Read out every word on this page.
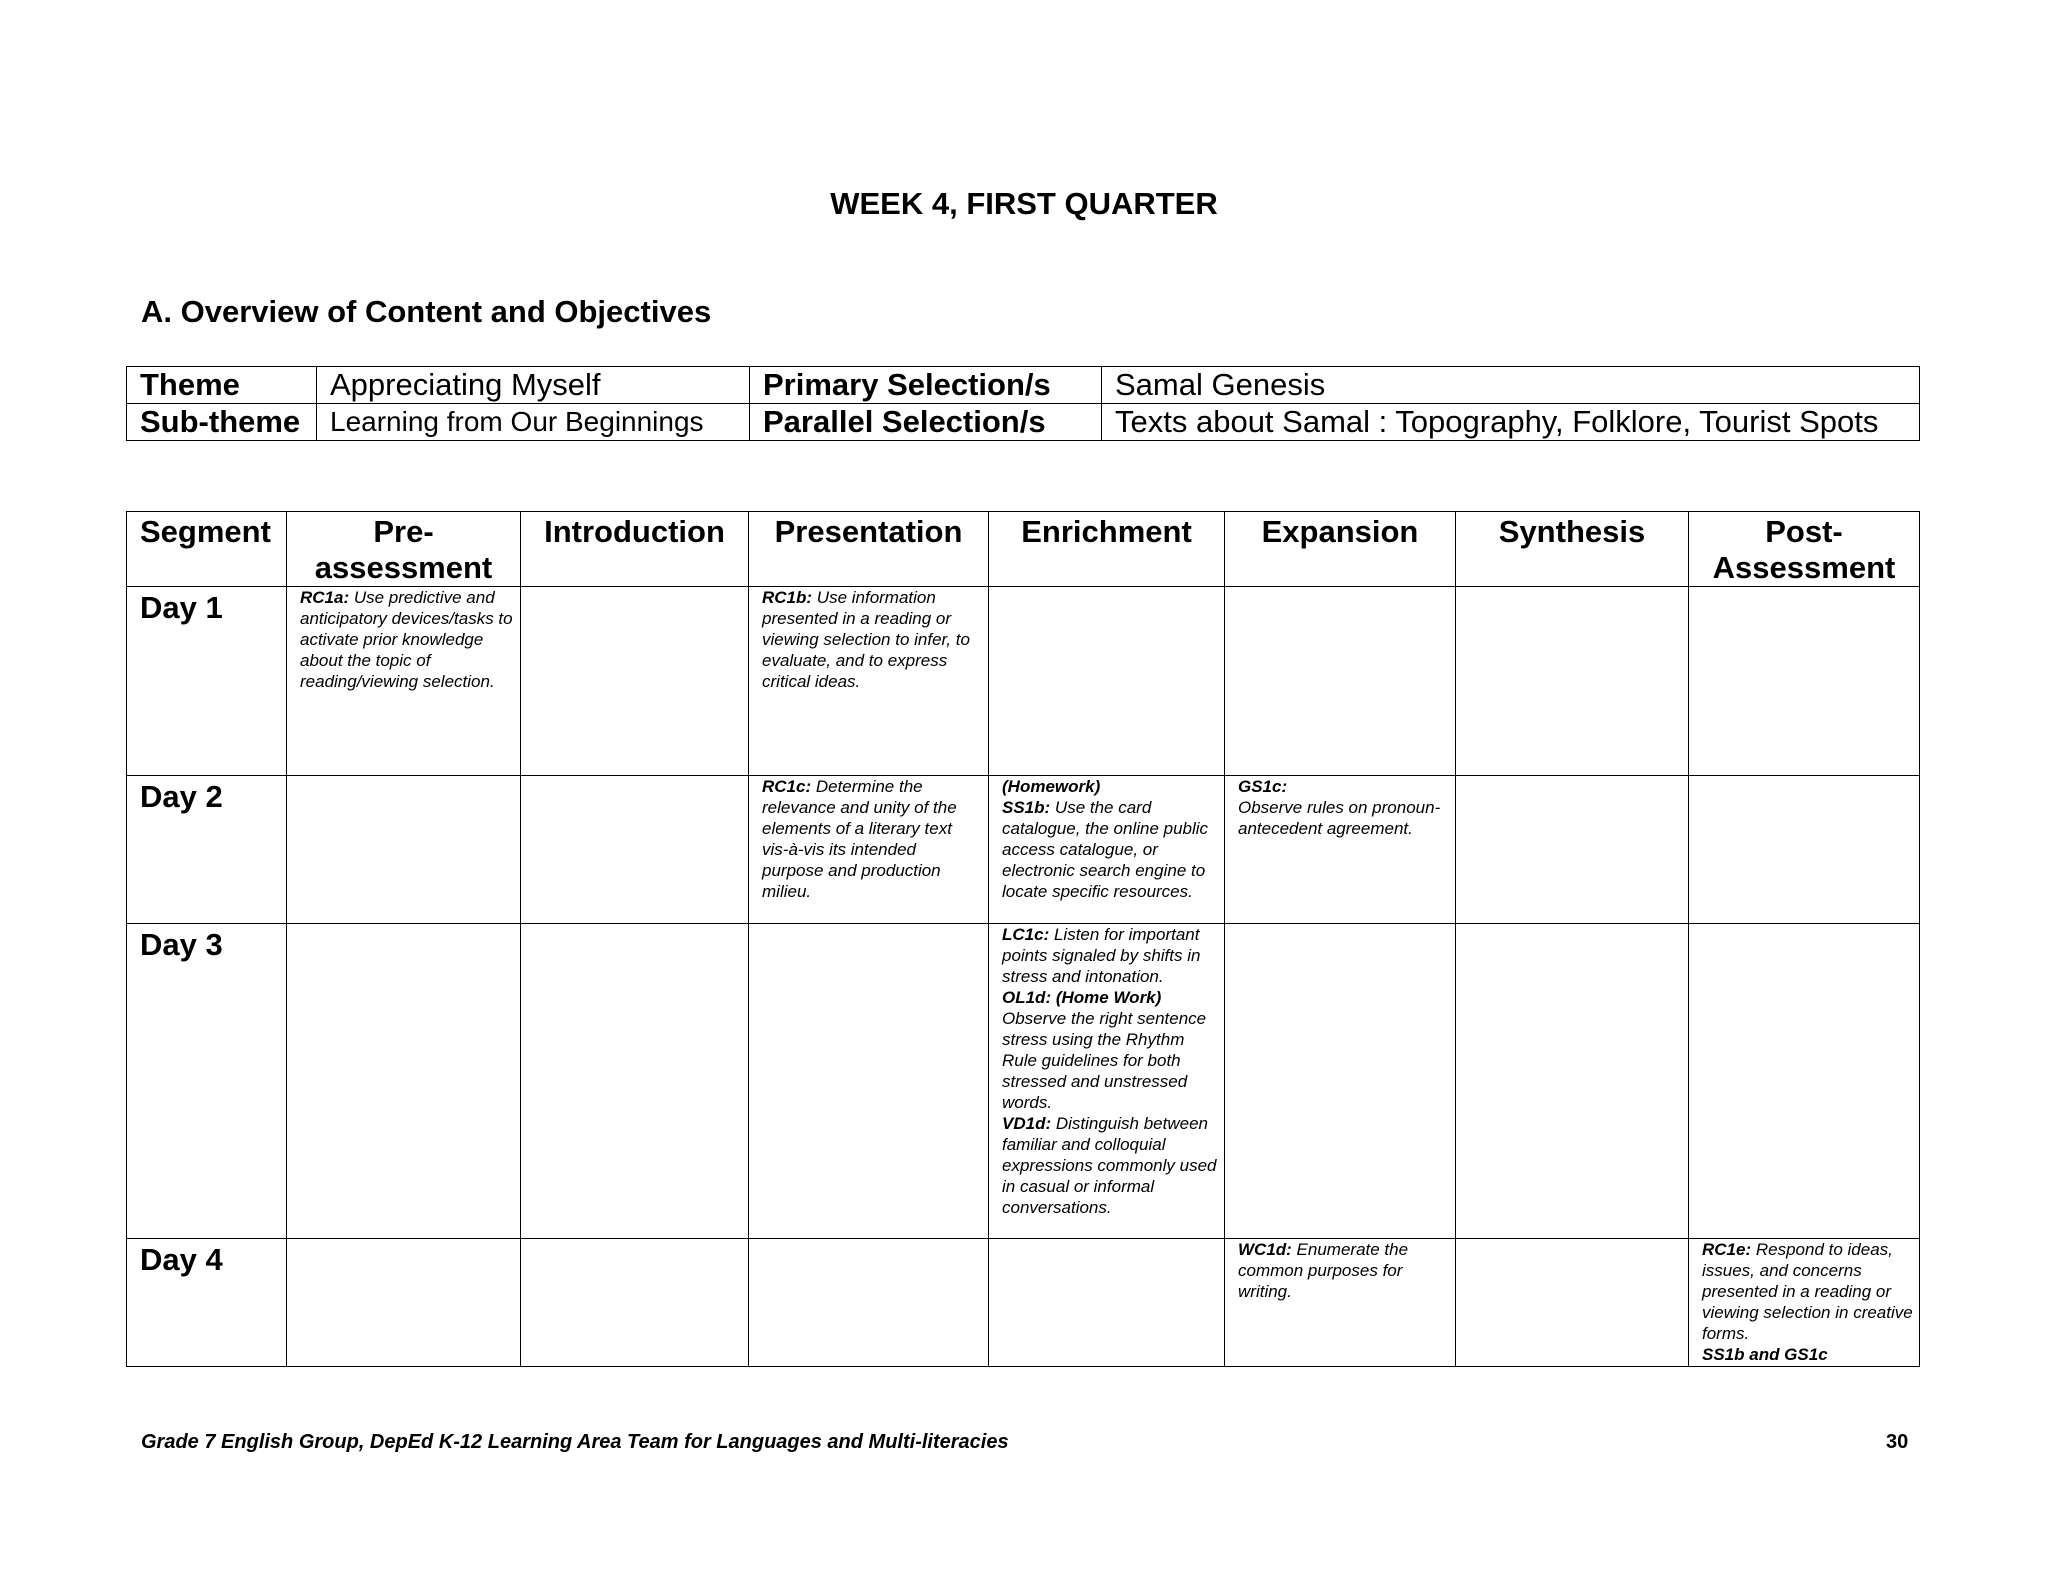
WEEK 4, FIRST QUARTER
A. Overview of Content and Objectives
Theme	Appreciating Myself	Primary Selection/s	Samal Genesis
Sub-theme	Learning from Our Beginnings	Parallel Selection/s	Texts about Samal : Topography, Folklore, Tourist Spots
Segment	Pre-
assessment	Introduction	Presentation	Enrichment	Expansion	Synthesis	Post-
Assessment

Day 1	RC1a: Use predictive and anticipatory devices/tasks to activate prior knowledge about the topic of reading/viewing selection.		RC1b: Use information presented in a reading or viewing selection to infer, to evaluate, and to express critical ideas.				
Day 2			RC1c: Determine the relevance and unity of the elements of a literary text vis-à-vis its intended purpose and production milieu.	(Homework)
SS1b: Use the card catalogue, the online public access catalogue, or electronic search engine to locate specific resources.	GS1c:
Observe rules on pronoun-antecedent agreement.		
Day 3				LC1c: Listen for important points signaled by shifts in stress and intonation.
OL1d: (Home Work)
Observe the right sentence stress using the Rhythm Rule guidelines for both stressed and unstressed words.
VD1d: Distinguish between familiar and colloquial expressions commonly used in casual or informal conversations.			

Day 4					WC1d: Enumerate the common purposes for writing.		RC1e: Respond to ideas, issues, and concerns presented in a reading or viewing selection in creative forms.
SS1b and GS1c
Grade 7 English Group, DepEd K-12 Learning Area Team for Languages and Multi-literacies	30
